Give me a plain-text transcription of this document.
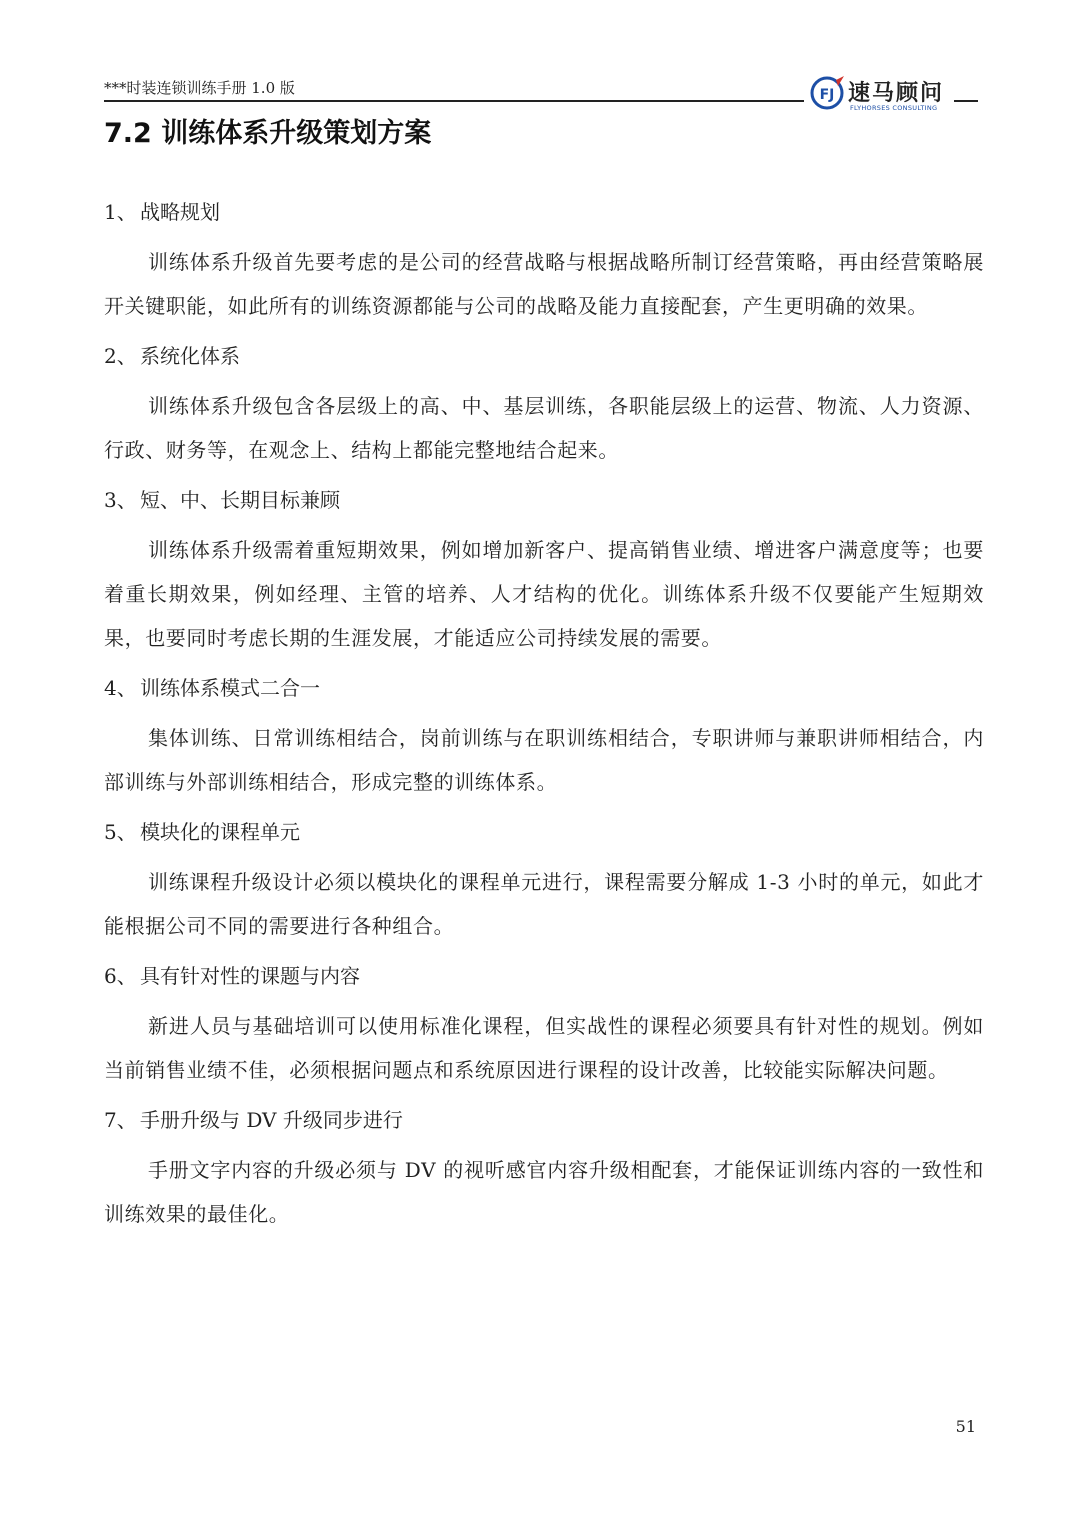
***时装连锁训练手册 1.0 版	FJ 速马顾问
FLYHORSES CONSULTING
7.2 训练体系升级策划方案

1、 战略规划

训练体系升级首先要考虑的是公司的经营战略与根据战略所制订经营策略，再由经营策略展开关键职能，如此所有的训练资源都能与公司的战略及能力直接配套，产生更明确的效果。

2、 系统化体系

训练体系升级包含各层级上的高、中、基层训练，各职能层级上的运营、物流、人力资源、行政、财务等，在观念上、结构上都能完整地结合起来。

3、 短、中、长期目标兼顾

训练体系升级需着重短期效果，例如增加新客户、提高销售业绩、增进客户满意度等；也要着重长期效果，例如经理、主管的培养、人才结构的优化。训练体系升级不仅要能产生短期效果，也要同时考虑长期的生涯发展，才能适应公司持续发展的需要。

4、 训练体系模式二合一

集体训练、日常训练相结合，岗前训练与在职训练相结合，专职讲师与兼职讲师相结合，内部训练与外部训练相结合，形成完整的训练体系。

5、 模块化的课程单元

训练课程升级设计必须以模块化的课程单元进行，课程需要分解成 1-3 小时的单元，如此才能根据公司不同的需要进行各种组合。

6、 具有针对性的课题与内容

新进人员与基础培训可以使用标准化课程，但实战性的课程必须要具有针对性的规划。例如当前销售业绩不佳，必须根据问题点和系统原因进行课程的设计改善，比较能实际解决问题。

7、 手册升级与 DV 升级同步进行

手册文字内容的升级必须与 DV 的视听感官内容升级相配套，才能保证训练内容的一致性和训练效果的最佳化。

51
